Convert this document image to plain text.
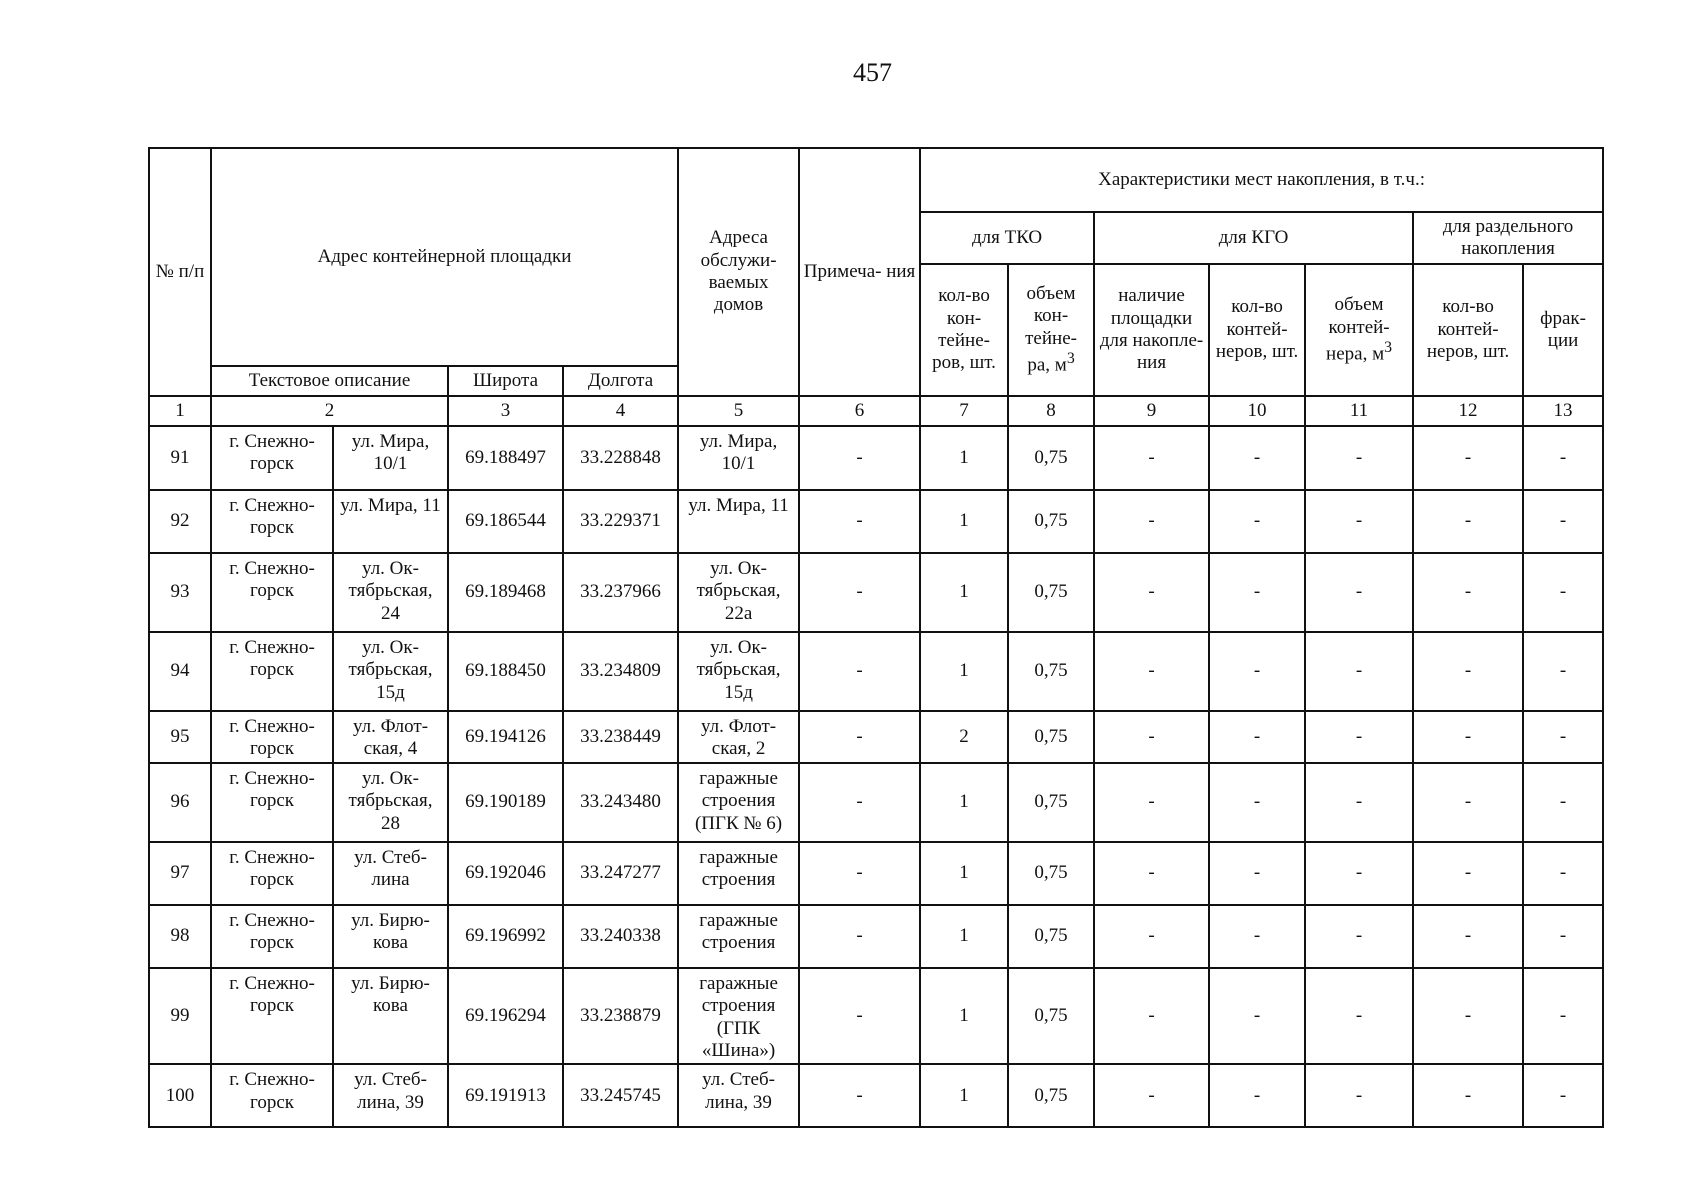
457
№ п/п	Адрес контейнерной площадки				Адреса обслужи- ваемых домов	Примеча- ния	Характеристики мест накопления, в т.ч.:						
							для ТКО		для КГО			для раздельного накопления	
							кол-во кон- тейне- ров, шт.	объем кон- тейне- ра, $м^3$	наличие площадки для накопле- ния	кол-во контей- неров, шт.	объем контей- нера, $м^3$	кол-во контей- неров, шт.	фрак- ции
	Текстовое описание		Широта	Долгота									
1	2		3	4	5	6	7	8	9	10	11	12	13
91	г. Снежно- горск	ул. Мира, 10/1	69.188497	33.228848	ул. Мира, 10/1	-	1	0,75	-	-	-	-	-
92	г. Снежно- горск	ул. Мира, 11	69.186544	33.229371	ул. Мира, 11	-	1	0,75	-	-	-	-	-
93	г. Снежно- горск	ул. Ок- тябрьская, 24	69.189468	33.237966	ул. Ок- тябрьская, 22а	-	1	0,75	-	-	-	-	-
94	г. Снежно- горск	ул. Ок- тябрьская, 15д	69.188450	33.234809	ул. Ок- тябрьская, 15д	-	1	0,75	-	-	-	-	-
95	г. Снежно- горск	ул. Флот- ская, 4	69.194126	33.238449	ул. Флот- ская, 2	-	2	0,75	-	-	-	-	-
96	г. Снежно- горск	ул. Ок- тябрьская, 28	69.190189	33.243480	гаражные строения (ПГК № 6)	-	1	0,75	-	-	-	-	-
97	г. Снежно- горск	ул. Стеб- лина	69.192046	33.247277	гаражные строения	-	1	0,75	-	-	-	-	-
98	г. Снежно- горск	ул. Бирю- кова	69.196992	33.240338	гаражные строения	-	1	0,75	-	-	-	-	-
99	г. Снежно- горск	ул. Бирю- кова	69.196294	33.238879	гаражные строения (ГПК «Шина»)	-	1	0,75	-	-	-	-	-
100	г. Снежно- горск	ул. Стеб- лина, 39	69.191913	33.245745	ул. Стеб- лина, 39	-	1	0,75	-	-	-	-	-
